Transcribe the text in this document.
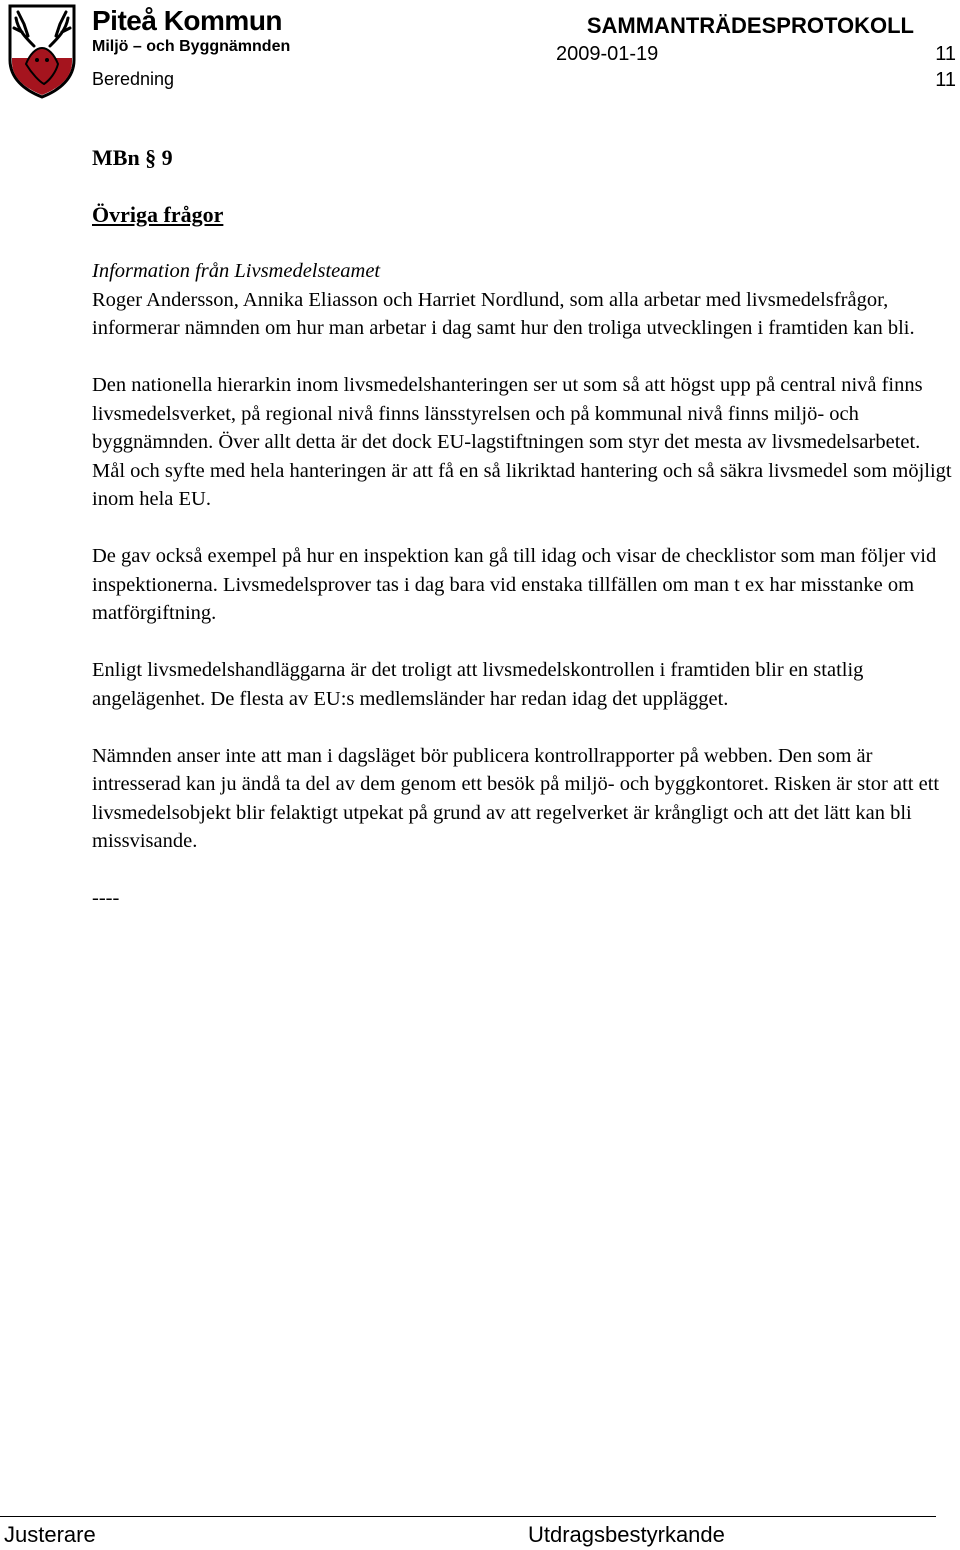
Piteå Kommun
Miljö – och Byggnämnden
Beredning
SAMMANTRÄDESPROTOKOLL
2009-01-19	11
11
MBn § 9
Övriga frågor
Information från Livsmedelsteamet

Roger Andersson, Annika Eliasson och Harriet Nordlund, som alla arbetar med livsmedelsfrågor, informerar nämnden om hur man arbetar i dag samt hur den troliga utvecklingen i framtiden kan bli.

Den nationella hierarkin inom livsmedelshanteringen ser ut som så att högst upp på central nivå finns livsmedelsverket, på regional nivå finns länsstyrelsen och på kommunal nivå finns miljö- och byggnämnden. Över allt detta är det dock EU-lagstiftningen som styr det mesta av livsmedelsarbetet. Mål och syfte med hela hanteringen är att få en så likriktad hantering och så säkra livsmedel som möjligt inom hela EU.

De gav också exempel på hur en inspektion kan gå till idag och visar de checklistor som man följer vid inspektionerna. Livsmedelsprover tas i dag bara vid enstaka tillfällen om man t ex har misstanke om matförgiftning.

Enligt livsmedelshandläggarna är det troligt att livsmedelskontrollen i framtiden blir en statlig angelägenhet. De flesta av EU:s medlemsländer har redan idag det upplägget.

Nämnden anser inte att man i dagsläget bör publicera kontrollrapporter på webben. Den som är intresserad kan ju ändå ta del av dem genom ett besök på miljö- och byggkontoret. Risken är stor att ett livsmedelsobjekt blir felaktigt utpekat på grund av att regelverket är krångligt och att det lätt kan bli missvisande.

----
Justerare	Utdragsbestyrkande
